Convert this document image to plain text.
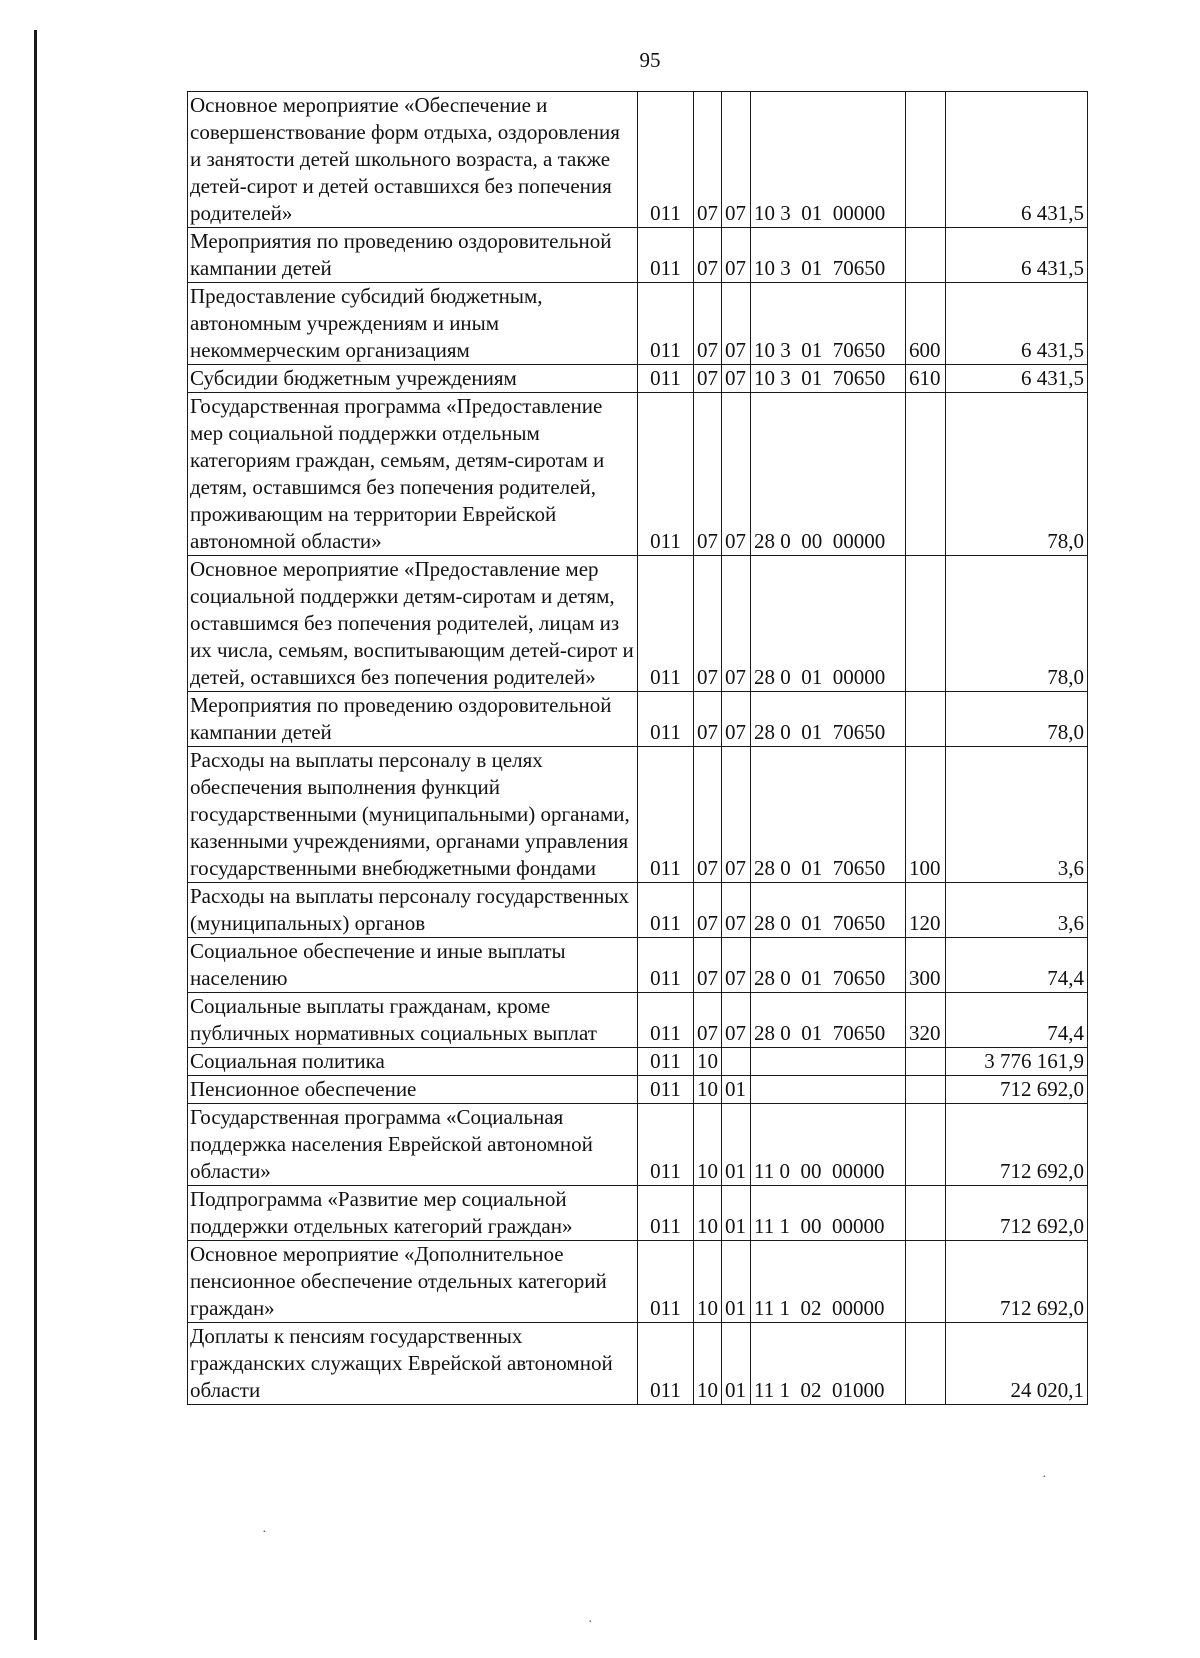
95
Основное мероприятие «Обеспечение и совершенствование форм отдыха, оздоровления и занятости детей школьного возраста, а также детей-сирот и детей оставшихся без попечения родителей»	011	07	07	10 3  01  00000		6 431,5
Мероприятия по проведению оздоровительной кампании детей	011	07	07	10 3  01  70650		6 431,5
Предоставление субсидий бюджетным, автономным учреждениям и иным некоммерческим организациям	011	07	07	10 3  01  70650	600	6 431,5
Субсидии бюджетным учреждениям	011	07	07	10 3  01  70650	610	6 431,5
Государственная программа «Предоставление мер социальной поддержки отдельным категориям граждан, семьям, детям-сиротам и детям, оставшимся без попечения родителей, проживающим на территории Еврейской автономной области»	011	07	07	28 0  00  00000		78,0
Основное мероприятие «Предоставление мер социальной поддержки детям-сиротам и детям, оставшимся без попечения родителей, лицам из их числа, семьям, воспитывающим детей-сирот и детей, оставшихся без попечения родителей»	011	07	07	28 0  01  00000		78,0
Мероприятия по проведению оздоровительной кампании детей	011	07	07	28 0  01  70650		78,0
Расходы на выплаты персоналу в целях обеспечения выполнения функций государственными (муниципальными) органами, казенными учреждениями, органами управления государственными внебюджетными фондами	011	07	07	28 0  01  70650	100	3,6
Расходы на выплаты персоналу государственных (муниципальных) органов	011	07	07	28 0  01  70650	120	3,6
Социальное обеспечение и иные выплаты населению	011	07	07	28 0  01  70650	300	74,4
Социальные выплаты гражданам, кроме публичных нормативных социальных выплат	011	07	07	28 0  01  70650	320	74,4
Социальная политика	011	10				3 776 161,9
Пенсионное обеспечение	011	10	01			712 692,0
Государственная программа «Социальная поддержка населения Еврейской автономной области»	011	10	01	11 0  00  00000		712 692,0
Подпрограмма «Развитие мер социальной поддержки отдельных категорий граждан»	011	10	01	11 1  00  00000		712 692,0
Основное мероприятие «Дополнительное пенсионное обеспечение отдельных категорий граждан»	011	10	01	11 1  02  00000		712 692,0
Доплаты к пенсиям государственных гражданских служащих Еврейской автономной области	011	10	01	11 1  02  01000		24 020,1
·
·
·
